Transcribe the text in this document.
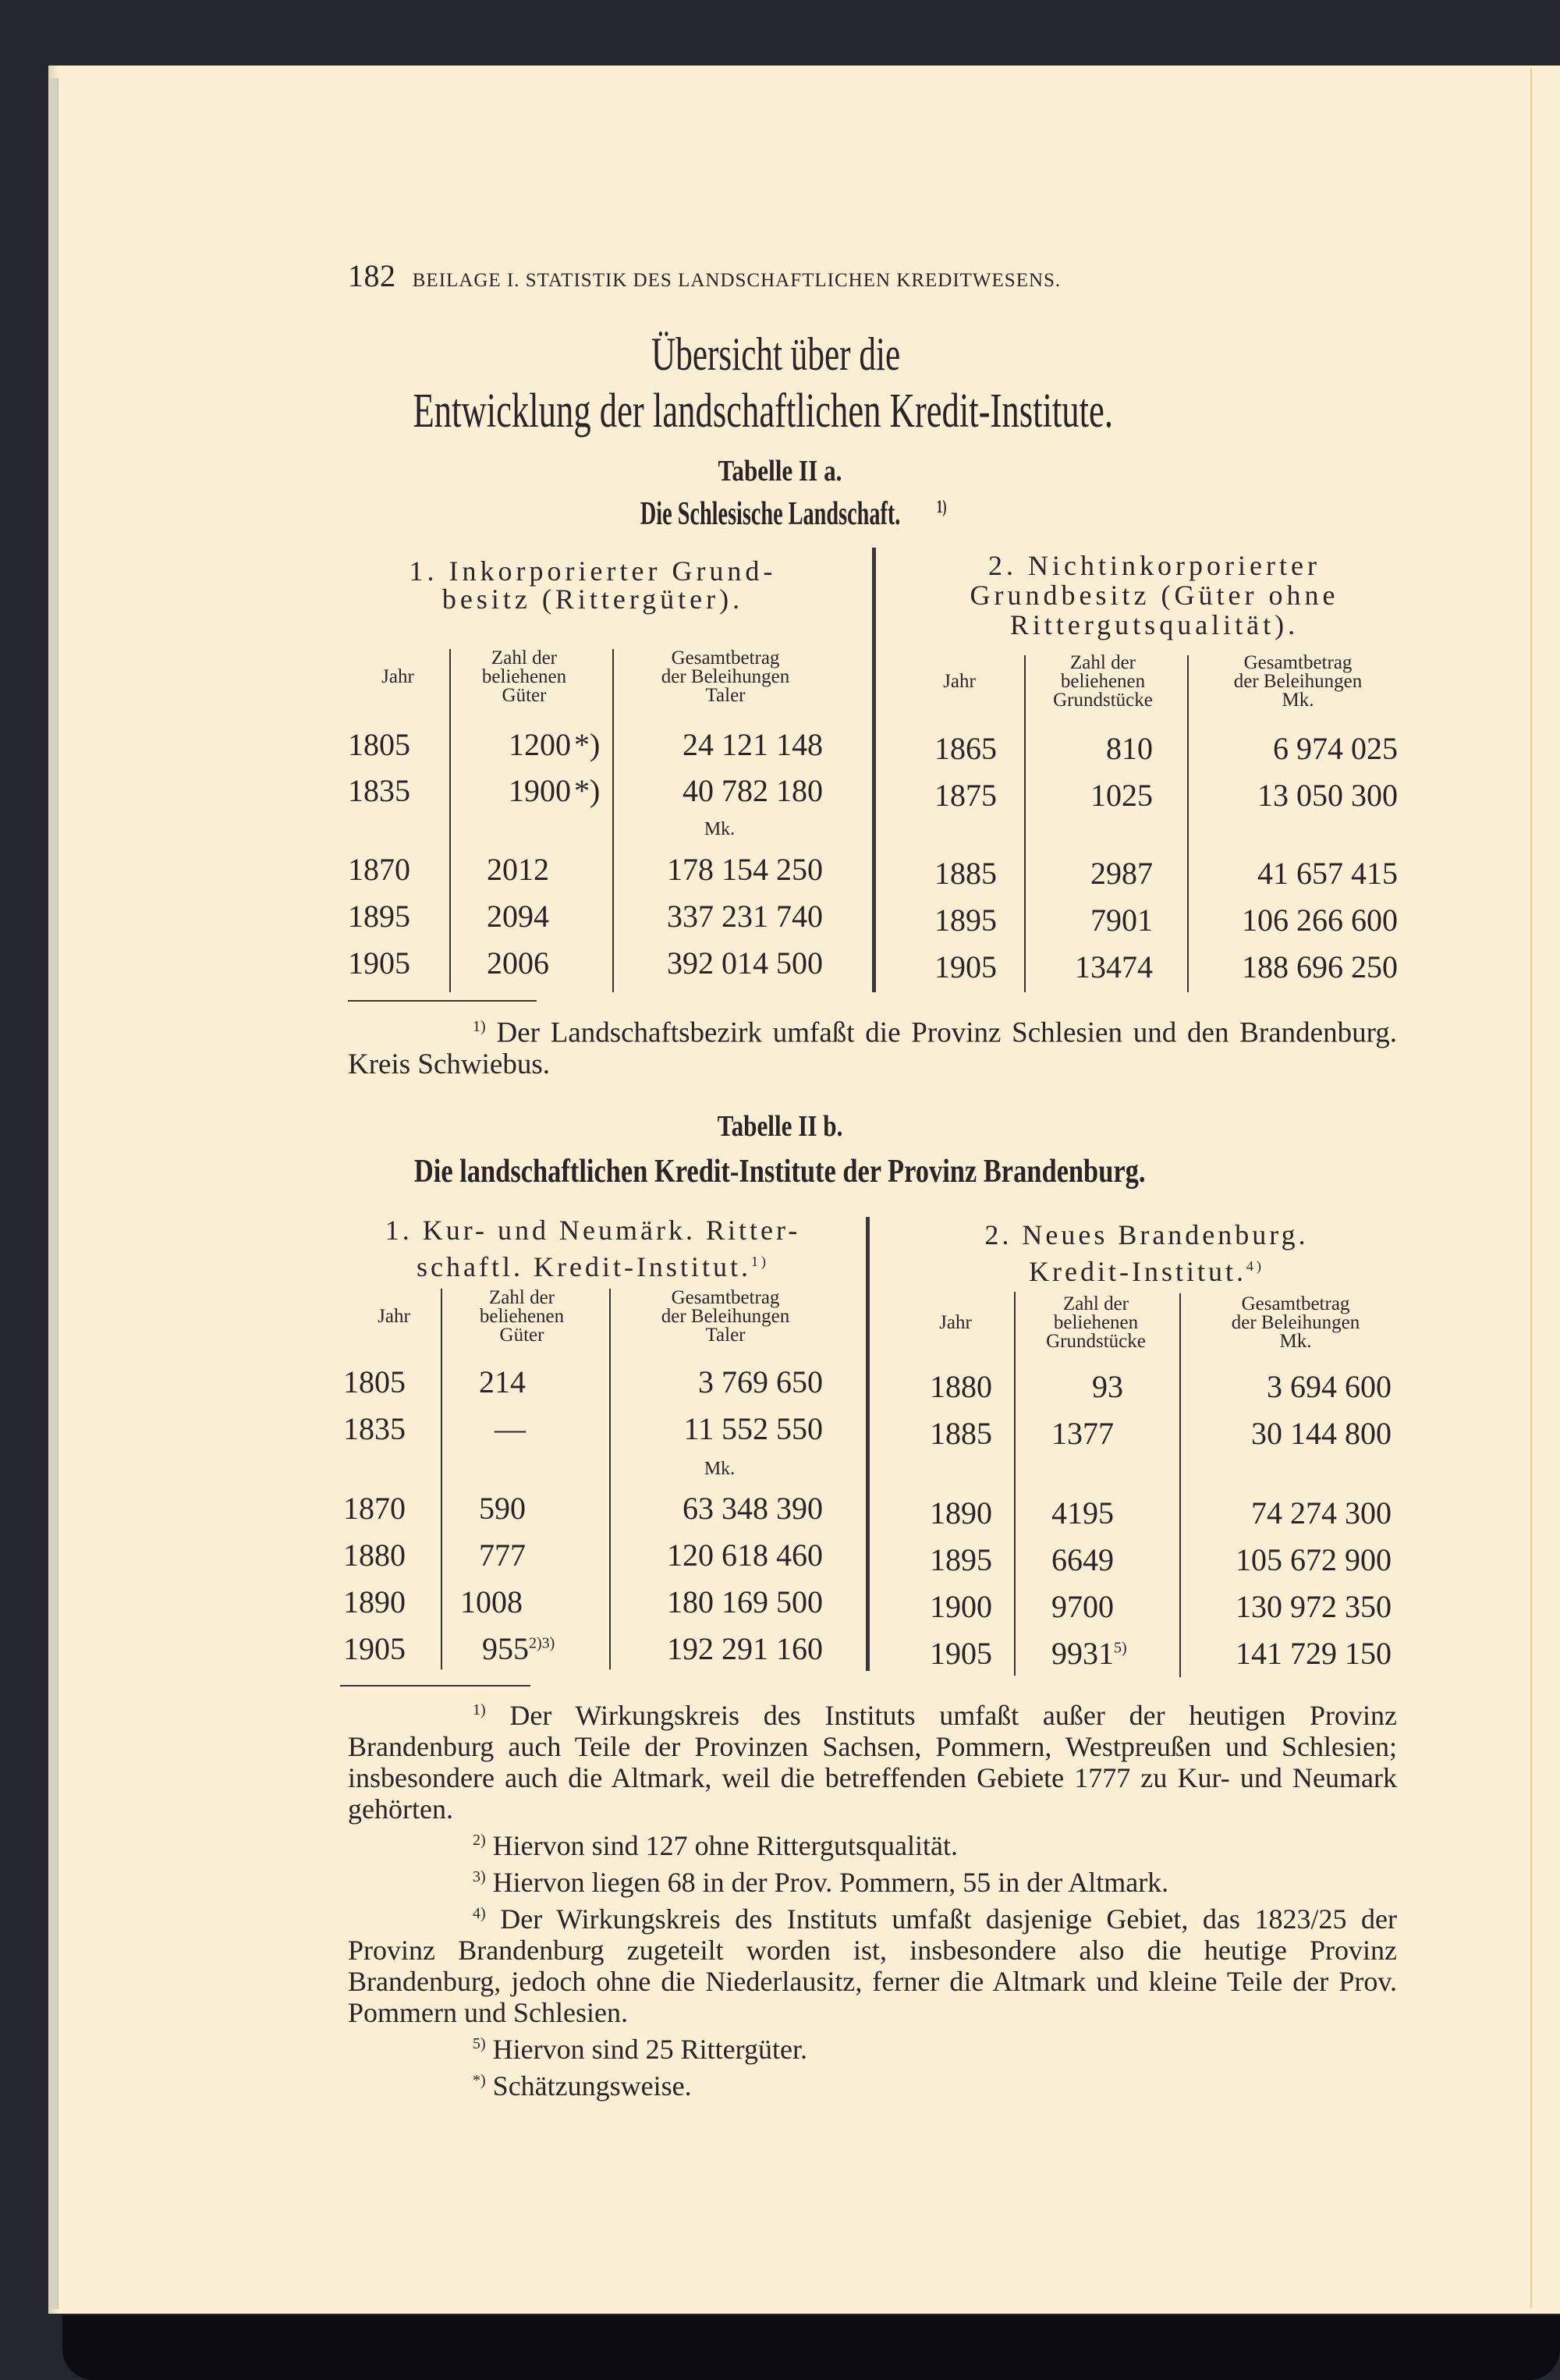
182 BEILAGE I. STATISTIK DES LANDSCHAFTLICHEN KREDITWESENS.
Übersicht über die
Entwicklung der landschaftlichen Kredit-Institute.
Tabelle II a.
Die Schlesische Landschaft. 1)
1. Inkorporierter Grund-
besitz (Rittergüter).
Jahr
Zahl der
beliehenen
Güter
Gesamtbetrag
der Beleihungen
Taler
1805	1200 *)	24 121 148
1835	1900 *)	40 782 180
Mk.
1870 2012	178 154 250
1895 2094	337 231 740
1905 2006	392 014 500
2. Nichtinkorporierter
Grundbesitz (Güter ohne
Rittergutsqualität).
Jahr
Zahl der
beliehenen
Grundstücke
Gesamtbetrag
der Beleihungen
Mk.
1865	810	6 974 025
1875	1025	13 050 300
1885	2987	41 657 415
1895	7901	106 266 600
1905	13474	188 696 250

$^{1)}$ Der Landschaftsbezirk umfaßt die Provinz Schlesien und den Brandenburg. Kreis Schwiebus.

Tabelle II b.
Die landschaftlichen Kredit-Institute der Provinz Brandenburg.
1. Kur- und Neumärk. Ritter-
schaftl. Kredit-Institut.$^{1)}$
Jahr
Zahl der
beliehenen
Güter
Gesamtbetrag
der Beleihungen
Taler
1805 214	3 769 650
1835	—	11 552 550
Mk.
1870 590	63 348 390
1880 777	120 618 460
1890 1008	180 169 500
1905 $955^{2)3)}$	192 291 160
2. Neues Brandenburg.
Kredit-Institut.$^{4)}$
Jahr
Zahl der
beliehenen
Grundstücke
Gesamtbetrag
der Beleihungen
Mk.
1880	93	3 694 600
1885 1377	30 144 800
1890 4195	74 274 300
1895 6649	105 672 900
1900 9700	130 972 350
1905 9931$^{5)}$	141 729 150

$^{1)}$ Der Wirkungskreis des Instituts umfaßt außer der heutigen Provinz Brandenburg auch Teile der Provinzen Sachsen, Pommern, Westpreußen und Schlesien; insbesondere auch die Altmark, weil die betreffenden Gebiete 1777 zu Kur- und Neumark gehörten.

$^{2)}$ Hiervon sind 127 ohne Rittergutsqualität.

$^{3)}$ Hiervon liegen 68 in der Prov. Pommern, 55 in der Altmark.

$^{4)}$ Der Wirkungskreis des Instituts umfaßt dasjenige Gebiet, das 1823/25 der Provinz Brandenburg zugeteilt worden ist, insbesondere also die heutige Provinz Brandenburg, jedoch ohne die Niederlausitz, ferner die Altmark und kleine Teile der Prov. Pommern und Schlesien.

$^{5)}$ Hiervon sind 25 Rittergüter.

*) Schätzungsweise.
